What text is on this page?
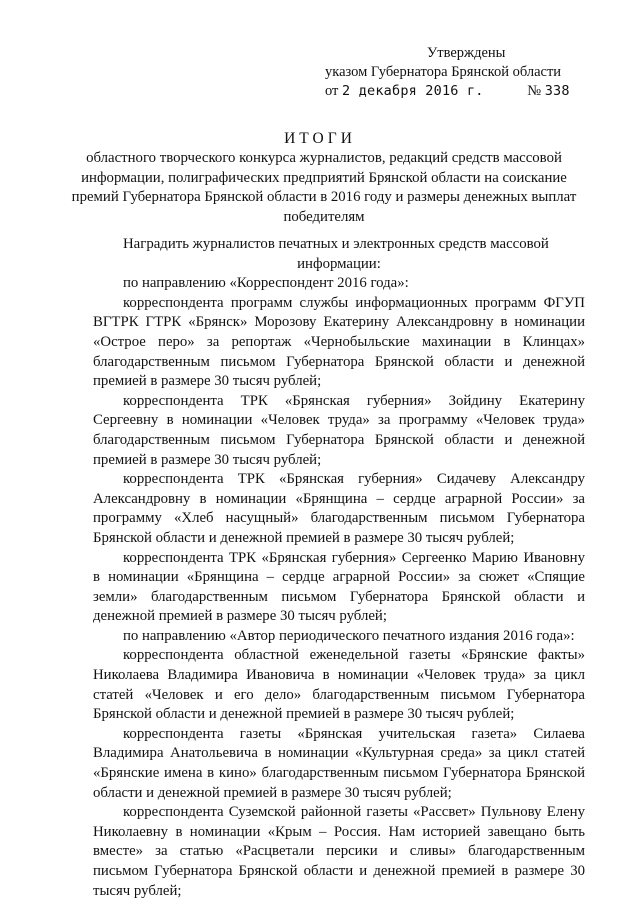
Утверждены
указом Губернатора Брянской области
от 2 декабря 2016 г.	№ 338
ИТОГИ
областного творческого конкурса журналистов, редакций средств массовой информации, полиграфических предприятий Брянской области на соискание премий Губернатора Брянской области в 2016 году и размеры денежных выплат победителям

Наградить журналистов печатных и электронных средств массовой

информации:

по направлению «Корреспондент 2016 года»:

корреспондента программ службы информационных программ ФГУП ВГТРК ГТРК «Брянск» Морозову Екатерину Александровну в номинации «Острое перо» за репортаж «Чернобыльские махинации в Клинцах» благодарственным письмом Губернатора Брянской области и денежной премией в размере 30 тысяч рублей;

корреспондента ТРК «Брянская губерния» Зойдину Екатерину Сергеевну в номинации «Человек труда» за программу «Человек труда» благодарственным письмом Губернатора Брянской области и денежной премией в размере 30 тысяч рублей;

корреспондента ТРК «Брянская губерния» Сидачеву Александру Александровну в номинации «Брянщина – сердце аграрной России» за программу «Хлеб насущный» благодарственным письмом Губернатора Брянской области и денежной премией в размере 30 тысяч рублей;

корреспондента ТРК «Брянская губерния» Сергеенко Марию Ивановну в номинации «Брянщина – сердце аграрной России» за сюжет «Спящие земли» благодарственным письмом Губернатора Брянской области и денежной премией в размере 30 тысяч рублей;

по направлению «Автор периодического печатного издания 2016 года»:

корреспондента областной еженедельной газеты «Брянские факты» Николаева Владимира Ивановича в номинации «Человек труда» за цикл статей «Человек и его дело» благодарственным письмом Губернатора Брянской области и денежной премией в размере 30 тысяч рублей;

корреспондента газеты «Брянская учительская газета» Силаева Владимира Анатольевича в номинации «Культурная среда» за цикл статей «Брянские имена в кино» благодарственным письмом Губернатора Брянской области и денежной премией в размере 30 тысяч рублей;

корреспондента Суземской районной газеты «Рассвет» Пульнову Елену Николаевну в номинации «Крым – Россия. Нам историей завещано быть вместе» за статью «Расцветали персики и сливы» благодарственным письмом Губернатора Брянской области и денежной премией в размере 30 тысяч рублей;
